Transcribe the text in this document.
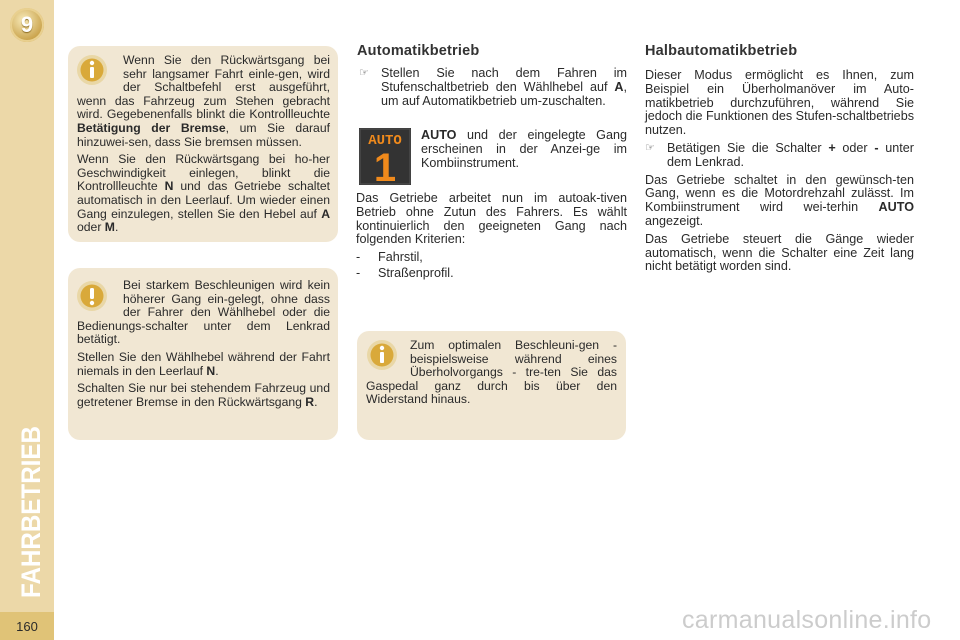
9
FAHRBETRIEB
160

Wenn Sie den Rückwärtsgang bei sehr langsamer Fahrt einle-gen, wird der Schaltbefehl erst ausgeführt, wenn das Fahrzeug zum Stehen gebracht wird. Gegebenenfalls blinkt die Kontrollleuchte Betätigung der Bremse, um Sie darauf hinzuwei-sen, dass Sie bremsen müssen.

Wenn Sie den Rückwärtsgang bei ho-her Geschwindigkeit einlegen, blinkt die Kontrollleuchte N und das Getriebe schaltet automatisch in den Leerlauf. Um wieder einen Gang einzulegen, stellen Sie den Hebel auf A oder M.

Bei starkem Beschleunigen wird kein höherer Gang ein-gelegt, ohne dass der Fahrer den Wählhebel oder die Bedienungs-schalter unter dem Lenkrad betätigt.

Stellen Sie den Wählhebel während der Fahrt niemals in den Leerlauf N.

Schalten Sie nur bei stehendem Fahrzeug und getretener Bremse in den Rückwärtsgang R.

Automatikbetrieb
☞ Stellen Sie nach dem Fahren im Stufenschaltbetrieb den Wählhebel auf A, um auf Automatikbetrieb um-zuschalten.

AUTO
1

AUTO und der eingelegte Gang erscheinen in der Anzei-ge im Kombiinstrument.

Das Getriebe arbeitet nun im autoak-tiven Betrieb ohne Zutun des Fahrers. Es wählt kontinuierlich den geeigneten Gang nach folgenden Kriterien:

-	Fahrstil,
-	Straßenprofil.

Zum optimalen Beschleuni-gen - beispielsweise während eines Überholvorgangs - tre-ten Sie das Gaspedal ganz durch bis über den Widerstand hinaus.

Halbautomatikbetrieb

Dieser Modus ermöglicht es Ihnen, zum Beispiel ein Überholmanöver im Auto-matikbetrieb durchzuführen, während Sie jedoch die Funktionen des Stufen-schaltbetriebs nutzen.

☞ Betätigen Sie die Schalter + oder - unter dem Lenkrad.

Das Getriebe schaltet in den gewünsch-ten Gang, wenn es die Motordrehzahl zulässt. Im Kombiinstrument wird wei-terhin AUTO angezeigt.

Das Getriebe steuert die Gänge wieder automatisch, wenn die Schalter eine Zeit lang nicht betätigt worden sind.

carmanualsonline.info
